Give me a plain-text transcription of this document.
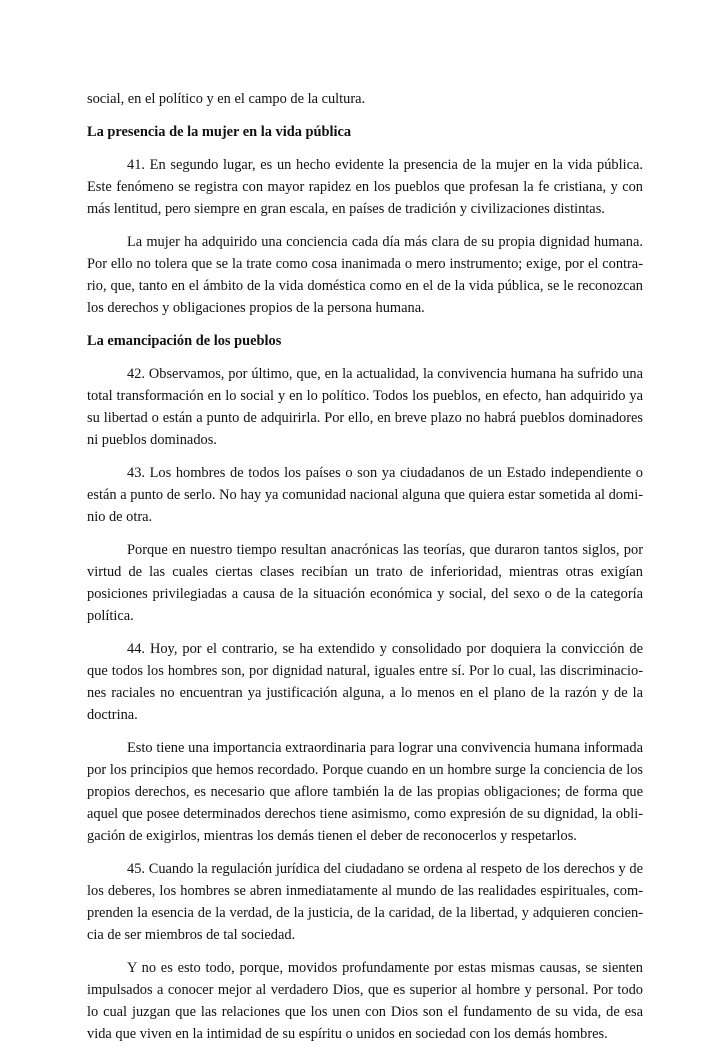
social, en el político y en el campo de la cultura.

La presencia de la mujer en la vida pública

41. En segundo lugar, es un hecho evidente la presencia de la mujer en la vida pública. Este fenómeno se registra con mayor rapidez en los pueblos que profesan la fe cristiana, y con más lentitud, pero siempre en gran escala, en países de tradición y civilizaciones distintas.

La mujer ha adquirido una conciencia cada día más clara de su propia dignidad humana. Por ello no tolera que se la trate como cosa inanimada o mero instrumento; exige, por el contrario, que, tanto en el ámbito de la vida doméstica como en el de la vida pública, se le reconozcan los derechos y obligaciones propios de la persona humana.

La emancipación de los pueblos

42. Observamos, por último, que, en la actualidad, la convivencia humana ha sufrido una total transformación en lo social y en lo político. Todos los pueblos, en efecto, han adquirido ya su libertad o están a punto de adquirirla. Por ello, en breve plazo no habrá pueblos dominadores ni pueblos dominados.

43. Los hombres de todos los países o son ya ciudadanos de un Estado independiente o están a punto de serlo. No hay ya comunidad nacional alguna que quiera estar sometida al dominio de otra.

Porque en nuestro tiempo resultan anacrónicas las teorías, que duraron tantos siglos, por virtud de las cuales ciertas clases recibían un trato de inferioridad, mientras otras exigían posiciones privilegiadas a causa de la situación económica y social, del sexo o de la categoría política.

44. Hoy, por el contrario, se ha extendido y consolidado por doquiera la convicción de que todos los hombres son, por dignidad natural, iguales entre sí. Por lo cual, las discriminaciones raciales no encuentran ya justificación alguna, a lo menos en el plano de la razón y de la doctrina.

Esto tiene una importancia extraordinaria para lograr una convivencia humana informada por los principios que hemos recordado. Porque cuando en un hombre surge la conciencia de los propios derechos, es necesario que aflore también la de las propias obligaciones; de forma que aquel que posee determinados derechos tiene asimismo, como expresión de su dignidad, la obligación de exigirlos, mientras los demás tienen el deber de reconocerlos y respetarlos.

45. Cuando la regulación jurídica del ciudadano se ordena al respeto de los derechos y de los deberes, los hombres se abren inmediatamente al mundo de las realidades espirituales, comprenden la esencia de la verdad, de la justicia, de la caridad, de la libertad, y adquieren conciencia de ser miembros de tal sociedad.

Y no es esto todo, porque, movidos profundamente por estas mismas causas, se sienten impulsados a conocer mejor al verdadero Dios, que es superior al hombre y personal. Por todo lo cual juzgan que las relaciones que los unen con Dios son el fundamento de su vida, de esa vida que viven en la intimidad de su espíritu o unidos en sociedad con los demás hombres.
